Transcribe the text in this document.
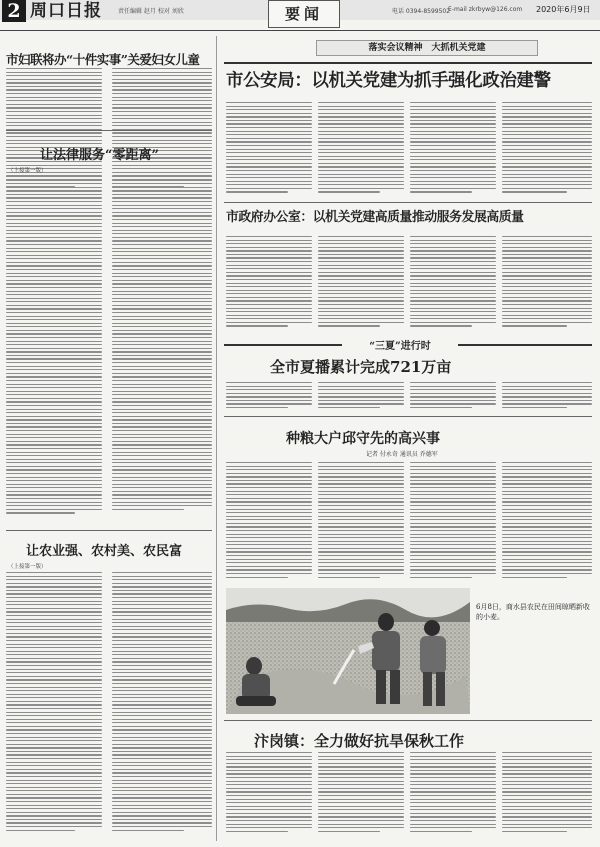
2 周口日报	责任编辑 赵月 校对 刘欣	要闻	电话 0394-8599502
E-mail zkrbyw@126.com 2020年6月9日
市妇联将办“十件实事”关爱妇女儿童
让法律服务“零距离”
（上接第一版）
让农业强、农村美、农民富
（上接第一版）
落实会议精神　大抓机关党建
市公安局：以机关党建为抓手强化政治建警
市政府办公室：以机关党建高质量推动服务发展高质量
“三夏”进行时
全市夏播累计完成721万亩
种粮大户邱守先的高兴事
记者 付永奇 通讯员 乔德军
6月8日，商水县农民在田间晾晒新收的小麦。
汴岗镇：全力做好抗旱保秋工作
